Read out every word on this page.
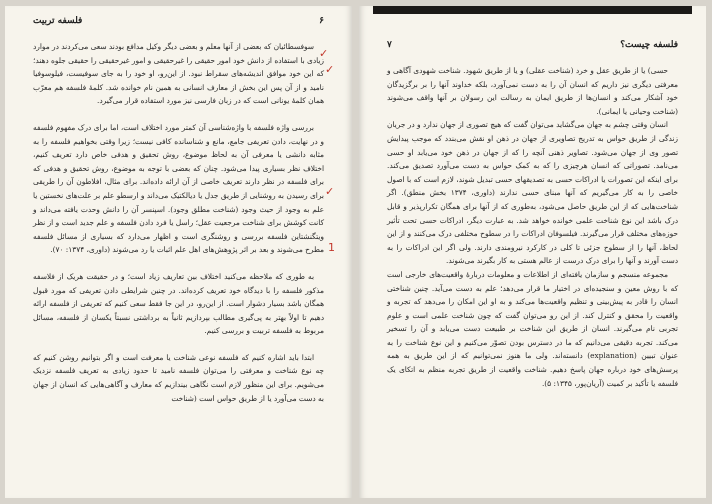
۶
فلسفه تربیت

سوفسطائیان که بعضی از آنها معلم و بعضی دیگر وکیل مدافع بودند سعی می‌کردند در موارد زیادی با استفاده از دانش خود امور حقیقی را غیرحقیقی و امور غیرحقیقی را حقیقی جلوه دهند؛ که این خود موافق اندیشه‌های سقراط نبود. از این‌رو، او خود را به جای سوفیست، فیلوسوفیا نامید و از آن پس این بخش از معارف انسانی به همین نام خوانده شد. کلمهٔ فلسفه هم معرّب همان کلمهٔ یونانی است که در زبان فارسی نیز مورد استفاده قرار می‌گیرد.

بررسی واژه فلسفه با واژه‌شناسی آن کمتر مورد اختلاف است، اما برای درک مفهوم فلسفه و در نهایت، دادن تعریفی جامع، مانع و شناسانده کافی نیست؛ زیرا وقتی بخواهیم فلسفه را به مثابه دانشی یا معرفی آن به لحاظ موضوع، روش تحقیق و هدفی خاص دارد تعریف کنیم، اختلاف نظر بسیاری پیدا می‌شود. چنان که بعضی با توجه به موضوع، روش تحقیق و هدفی که برای فلسفه در نظر دارند تعریف خاصی از آن ارائه داده‌اند. برای مثال، افلاطون آن را طریقی برای رسیدن به روشنایی از طریق جدل یا دیالکتیک می‌داند و ارسطو علم بر علت‌های نخستین یا علم به وجود از حیث وجود (شناخت مطلق وجود). اسپنسر آن را دانش وحدت یافته می‌داند و کانت کوشش برای شناخت مرجعیت عقل؛ راسل یا فرد دادن فلسفه و علم جدید است و از نظر ویتگنشتاین فلسفه بررسی و روشنگری است و اظهار می‌دارد که بسیاری از مسائل فلسفه مطرح می‌شوند و بعد بر اثر پژوهش‌های اهل علم اثبات یا رد می‌شوند (داوری، ۱۳۷۴: ۷۰).

به طوری که ملاحظه می‌کنید اختلاف بین تعاریف زیاد است؛ و در حقیقت هریک از فلاسفه مذکور فلسفه را با دیدگاه خود تعریف کرده‌اند. در چنین شرایطی دادن تعریفی که مورد قبول همگان باشد بسیار دشوار است. از این‌رو، در این جا فقط سعی کنیم که تعریفی از فلسفه ارائه دهیم تا اولاً بهتر به پی‌گیری مطالب بپردازیم ثانیاً به برداشتی نسبتاً یکسان از فلسفه، مسائل مربوط به فلسفه تربیت و بررسی کنیم.

ابتدا باید اشاره کنیم که فلسفه نوعی شناخت یا معرفت است و اگر بتوانیم روشن کنیم که چه نوع شناخت و معرفتی را می‌توان فلسفه نامید تا حدود زیادی به تعریف فلسفه نزدیک می‌شویم. برای این منظور لازم است نگاهی بیندازیم که معارف و آگاهی‌هایی که انسان از جهان به دست می‌آورد یا از طریق حواس است (شناخت

✓
✓
✓
1
فلسفه چیست؟
۷

حسی) یا از طریق عقل و خرد (شناخت عقلی) و یا از طریق شهود. شناخت شهودی آگاهی و معرفتی دیگری نیز داریم که انسان آن را به دست نمی‌آورد، بلکه خداوند آنها را بر برگزیدگان خود آشکار می‌کند و انسان‌ها از طریق ایمان به رسالت این رسولان بر آنها واقف می‌شوند (شناخت وحیانی یا ایمانی).

انسان وقتی چشم به جهان می‌گشاید می‌توان گفت که هیچ تصوری از جهان ندارد و در جریان زندگی از طریق حواس به تدریج تصاویری از جهان در ذهن او نقش می‌بندد که موجب پیدایش تصور وی از جهان می‌شود. تصاویر ذهنی آنچه را که از جهان در ذهن خود می‌یابد او حسی می‌نامد. تصوراتی که انسان هرچیزی را که به کمک حواس به دست می‌آورد تصدیق می‌کند. برای اینکه این تصورات یا ادراکات حسی به تصدیقهای حسی تبدیل شوند، لازم است که با اصول خاصی را به کار می‌گیریم که آنها مبنای حسی ندارند (داوری، ۱۳۷۴ بخش منطق). اگر شناخت‌هایی که از این طریق حاصل می‌شود، به‌طوری که از آنها برای همگان تکرارپذیر و قابل درک باشد این نوع شناخت علمی خوانده خواهد شد. به عبارت دیگر، ادراکات حسی تحت تأثیر حوزه‌های مختلف قرار می‌گیرند. فیلسوفان ادراکات را در سطوح مختلفی درک می‌کنند و از این لحاظ، آنها را از سطوح جزئی تا کلی در کارکرد نیرومندی دارند. ولی اگر این ادراکات را به دست آورند و آنها را برای درک درست از عالم هستی به کار بگیرند می‌شوند.

مجموعه منسجم و سازمان یافته‌ای از اطلاعات و معلومات دربارهٔ واقعیت‌های خارجی است که با روش معین و سنجیده‌ای در اختیار ما قرار می‌دهد؛ علم به دست می‌آید. چنین شناختی انسان را قادر به پیش‌بینی و تنظیم واقعیت‌ها می‌کند و به او این امکان را می‌دهد که تجربه و واقعیت را محقق و کنترل کند. از این رو می‌توان گفت که چون شناخت علمی است و علوم تجربی نام می‌گیرند. انسان از طریق این شناخت بر طبیعت دست می‌یابد و آن را تسخیر می‌کند. تجربه دقیقی می‌دانیم که ما در دسترس بودن تصوّر می‌کنیم و این نوع شناخت را به عنوان تبیین (explanation) دانسته‌اند. ولی ما هنوز نمی‌توانیم که از این طریق به همه پرسش‌های خود درباره جهان پاسخ دهیم. شناخت واقعیت از طریق تجربه منظم به اتکای یک فلسفه یا تأکید بر کمیت (آریان‌پور، ۱۳۴۵: ۵).
